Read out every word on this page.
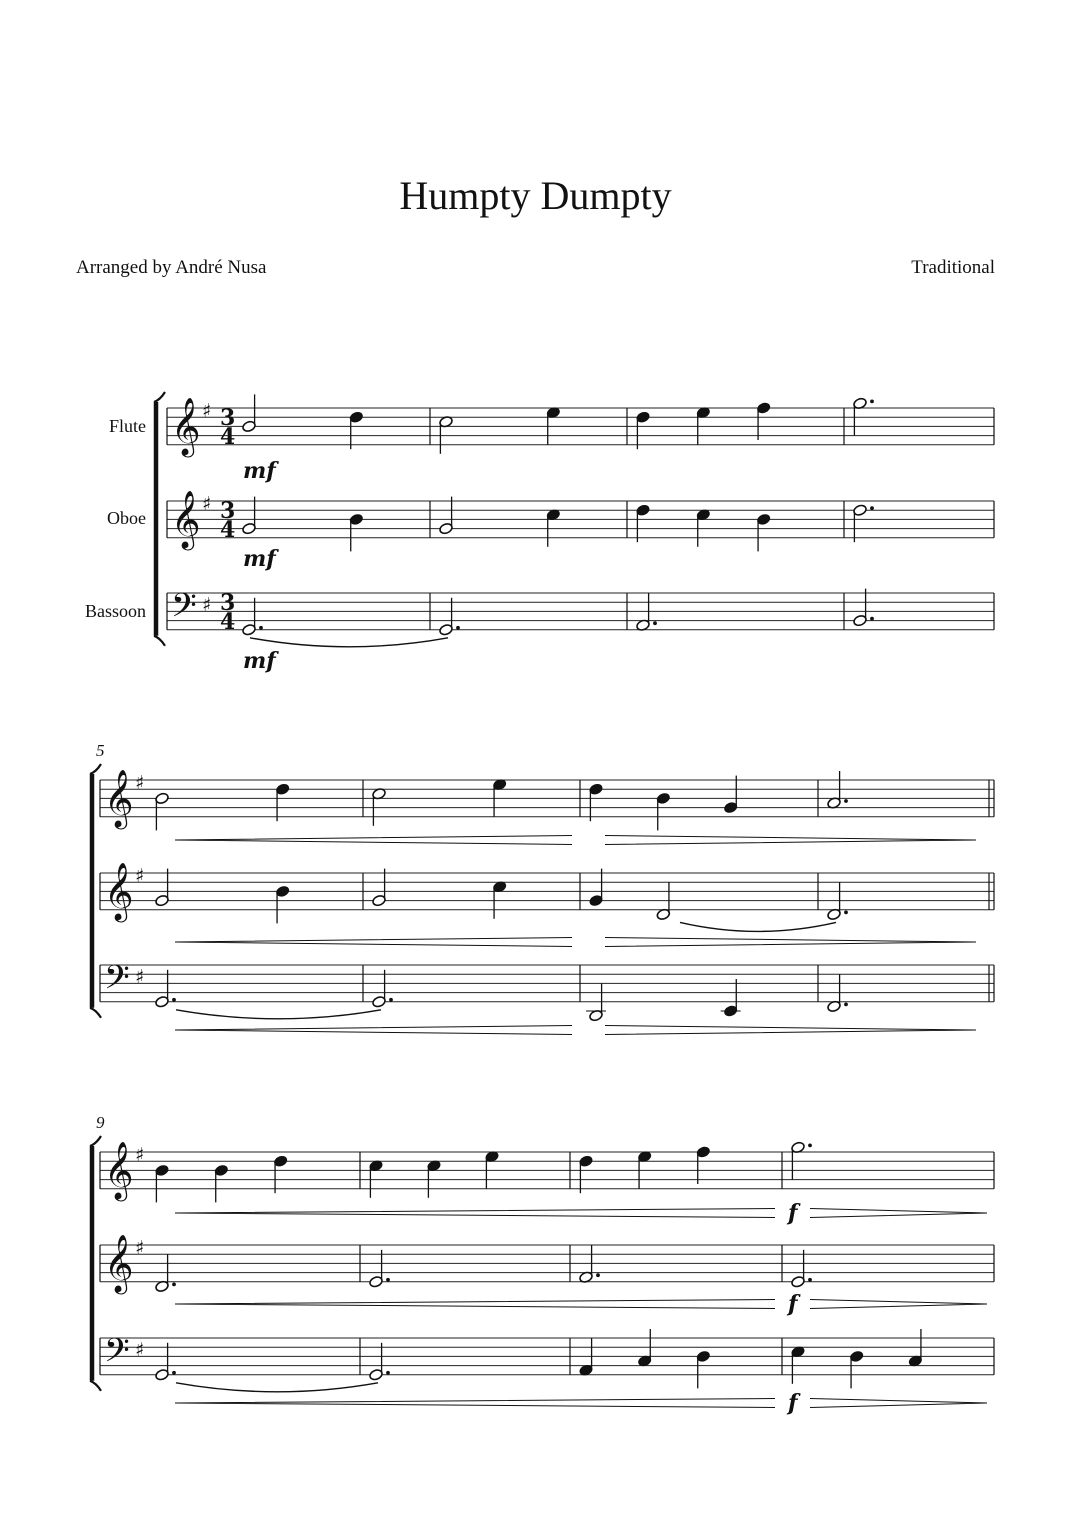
Humpty Dumpty
Arranged by André Nusa	Traditional
Flute
Oboe
Bassoon
5
9
𝄞 ♯ 3
4
𝄞 ♯ 3
4
𝄢 ♯ 3
4
𝄞 ♯
𝄞 ♯
𝄢 ♯
𝄞 ♯
𝄞 ♯
𝄢 ♯
mf
mf
mf
f
f
f
